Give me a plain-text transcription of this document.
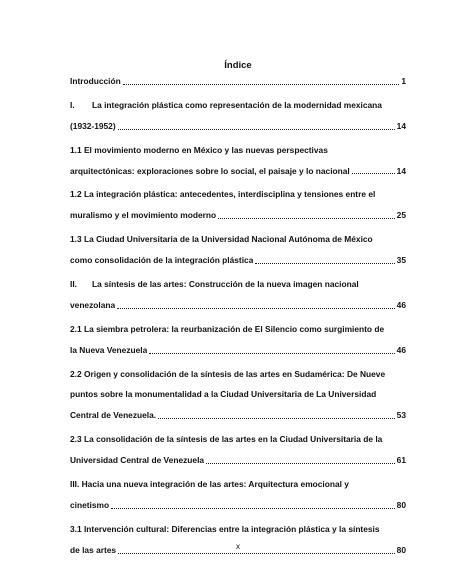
Índice
Introducción	1
I.	La integración plástica como representación de la modernidad mexicana
(1932-1952)	14
1.1 El movimiento moderno en México y las nuevas perspectivas
arquitectónicas: exploraciones sobre lo social, el paisaje y lo nacional	14
1.2 La integración plástica: antecedentes, interdisciplina y tensiones entre el
muralismo y el movimiento moderno	25
1.3 La Ciudad Universitaria de la Universidad Nacional Autónoma de México
como consolidación de la integración plástica	35
II.	La síntesis de las artes: Construcción de la nueva imagen nacional
venezolana	46
2.1 La siembra petrolera: la reurbanización de El Silencio como surgimiento de
la Nueva Venezuela	46
2.2 Origen y consolidación de la síntesis de las artes en Sudamérica: De Nueve
puntos sobre la monumentalidad a la Ciudad Universitaria de La Universidad
Central de Venezuela.	53
2.3 La consolidación de la síntesis de las artes en la Ciudad Universitaria de la
Universidad Central de Venezuela	61
III. Hacia una nueva integración de las artes: Arquitectura emocional y
cinetismo	80
3.1 Intervención cultural: Diferencias entre la integración plástica y la síntesis
de las artes	80
x
